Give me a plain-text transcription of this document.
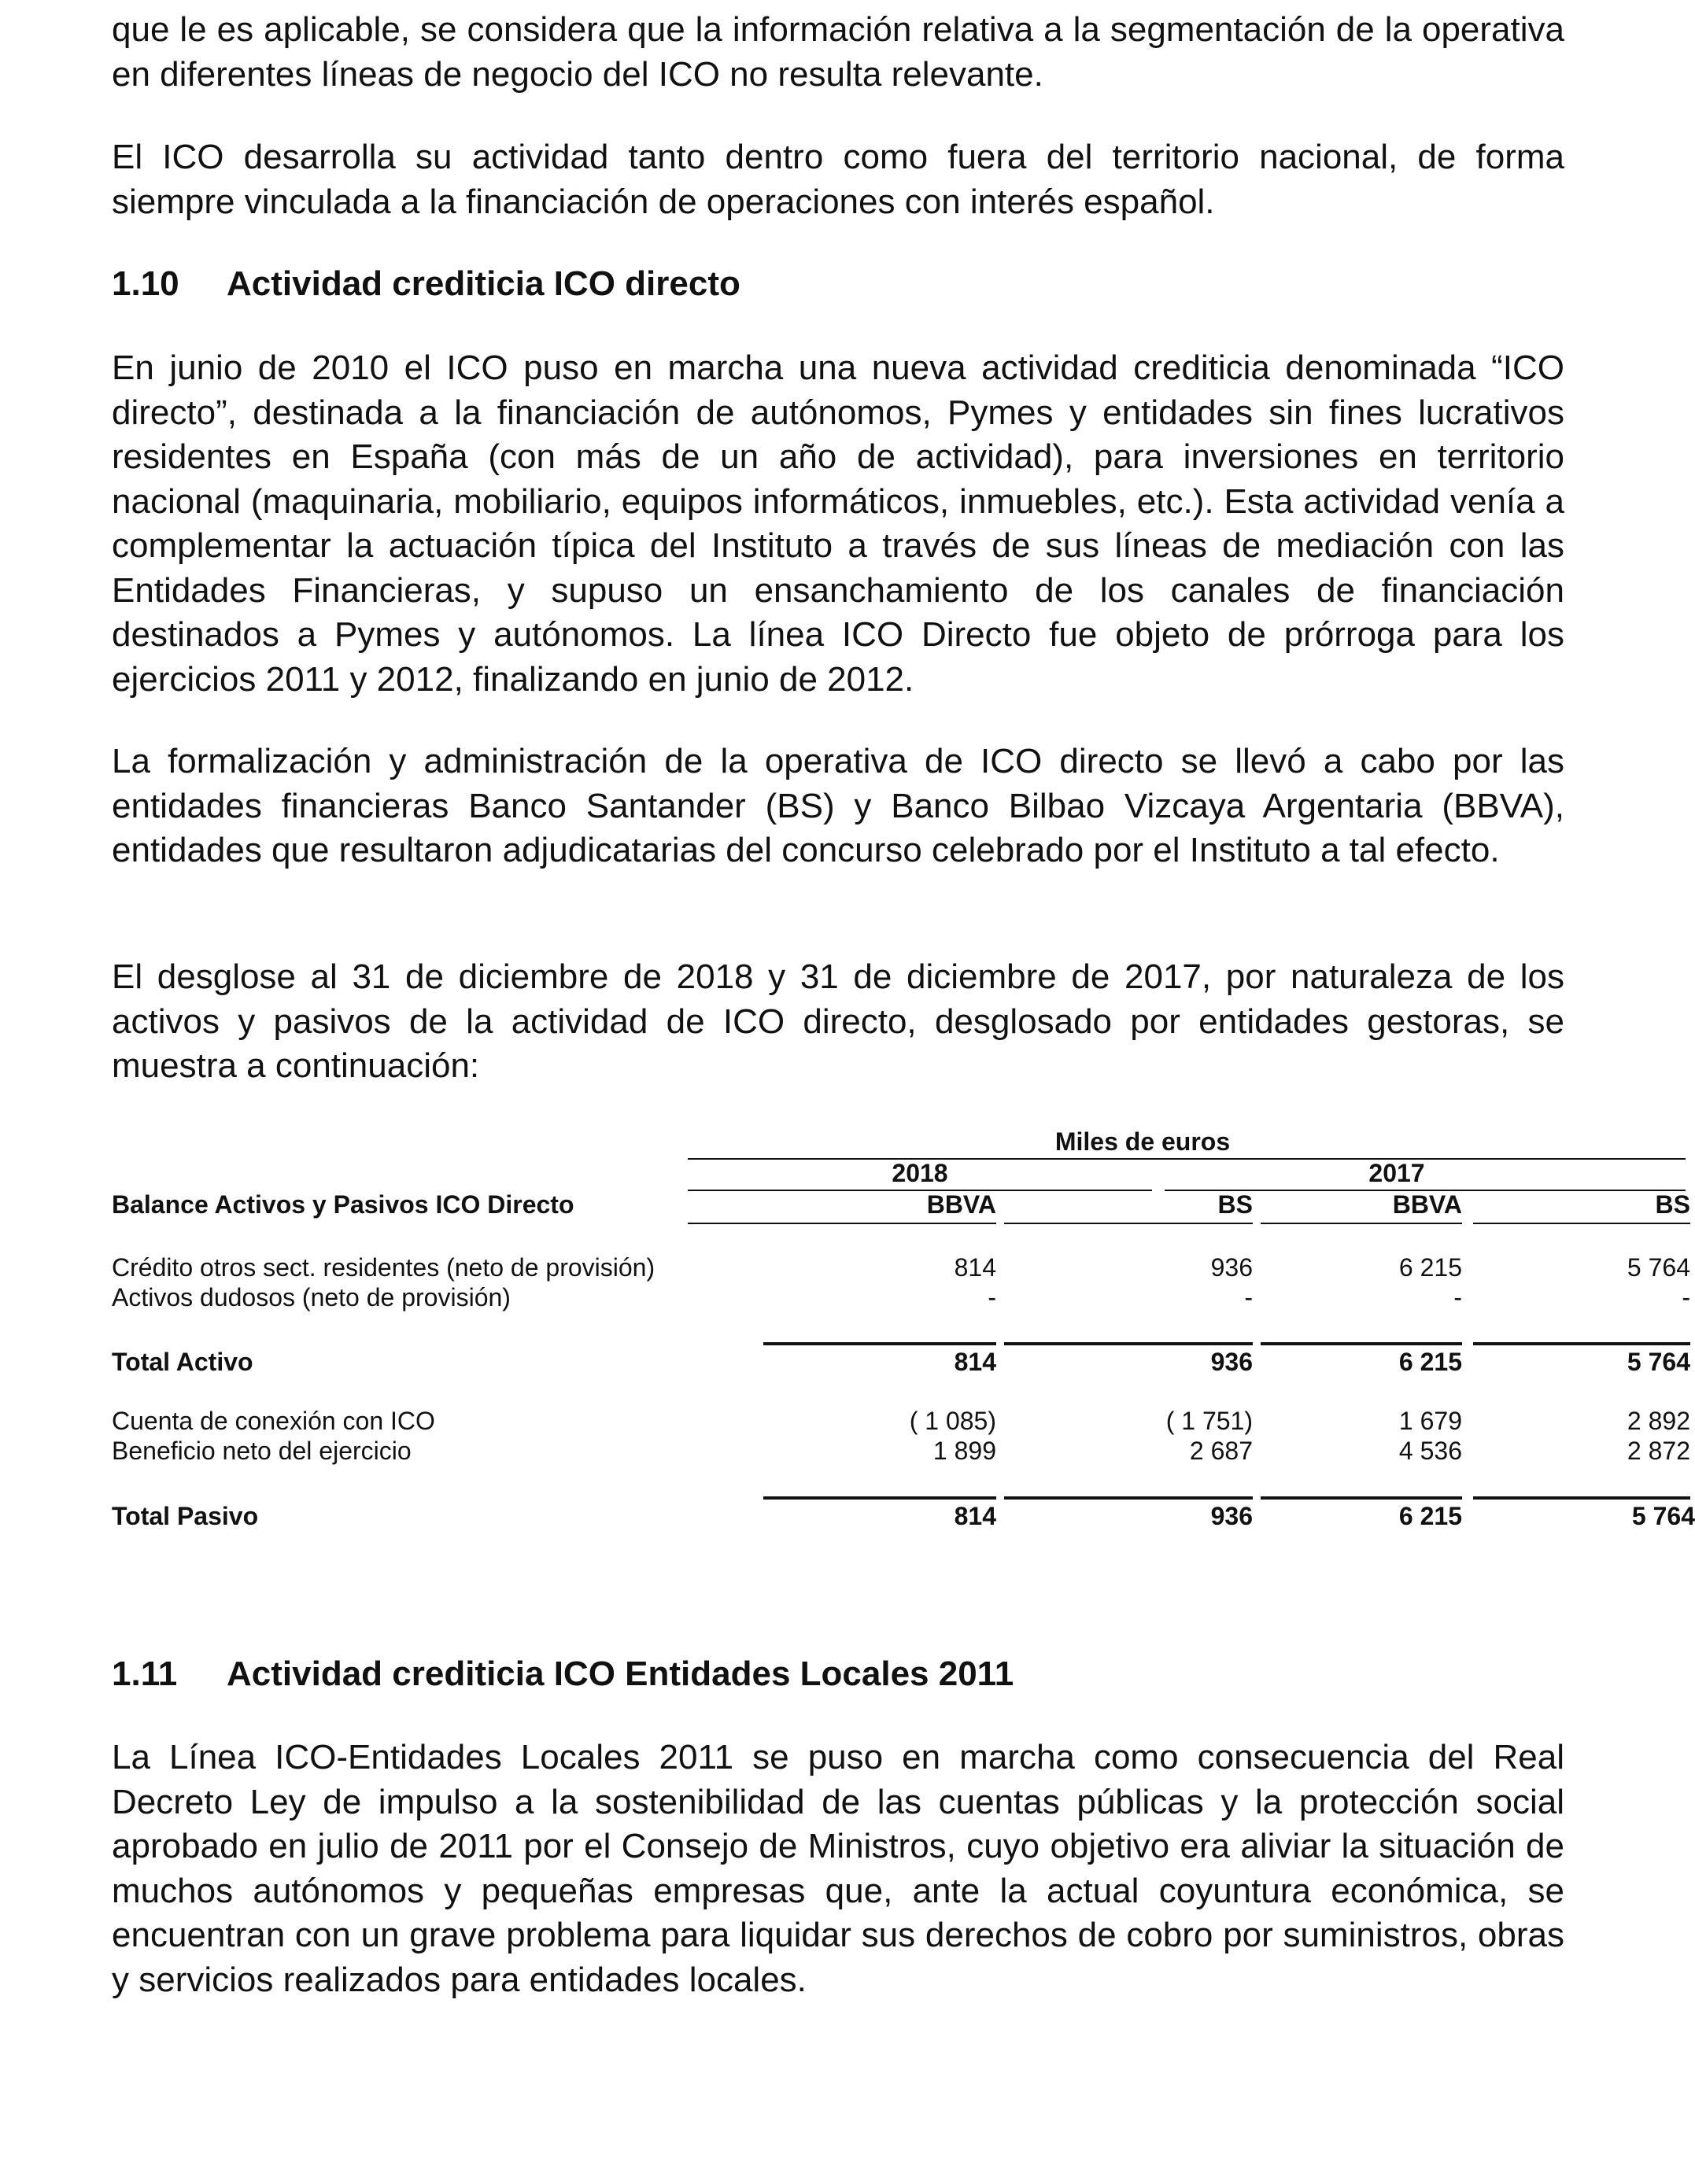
que le es aplicable, se considera que la información relativa a la segmentación de la operativa en diferentes líneas de negocio del ICO no resulta relevante.

El ICO desarrolla su actividad tanto dentro como fuera del territorio nacional, de forma siempre vinculada a la financiación de operaciones con interés español.

1.10 Actividad crediticia ICO directo

En junio de 2010 el ICO puso en marcha una nueva actividad crediticia denominada “ICO directo”, destinada a la financiación de autónomos, Pymes y entidades sin fines lucrativos residentes en España (con más de un año de actividad), para inversiones en territorio nacional (maquinaria, mobiliario, equipos informáticos, inmuebles, etc.). Esta actividad venía a complementar la actuación típica del Instituto a través de sus líneas de mediación con las Entidades Financieras, y supuso un ensanchamiento de los canales de financiación destinados a Pymes y autónomos. La línea ICO Directo fue objeto de prórroga para los ejercicios 2011 y 2012, finalizando en junio de 2012.

La formalización y administración de la operativa de ICO directo se llevó a cabo por las entidades financieras Banco Santander (BS) y Banco Bilbao Vizcaya Argentaria (BBVA), entidades que resultaron adjudicatarias del concurso celebrado por el Instituto a tal efecto.

El desglose al 31 de diciembre de 2018 y 31 de diciembre de 2017, por naturaleza de los activos y pasivos de la actividad de ICO directo, desglosado por entidades gestoras, se muestra a continuación:

Miles de euros
2018	2017
Balance Activos y Pasivos ICO Directo	BBVA	BS	BBVA	BS
Crédito otros sect. residentes (neto de provisión)	814	936	6 215	5 764
Activos dudosos (neto de provisión)	-	-	-	-
Total Activo	814	936	6 215	5 764
Cuenta de conexión con ICO	( 1 085)	( 1 751)	1 679	2 892
Beneficio neto del ejercicio	1 899	2 687	4 536	2 872
Total Pasivo	814	936	6 215	5 764
1.11 Actividad crediticia ICO Entidades Locales 2011

La Línea ICO-Entidades Locales 2011 se puso en marcha como consecuencia del Real Decreto Ley de impulso a la sostenibilidad de las cuentas públicas y la protección social aprobado en julio de 2011 por el Consejo de Ministros, cuyo objetivo era aliviar la situación de muchos autónomos y pequeñas empresas que, ante la actual coyuntura económica, se encuentran con un grave problema para liquidar sus derechos de cobro por suministros, obras y servicios realizados para entidades locales.
